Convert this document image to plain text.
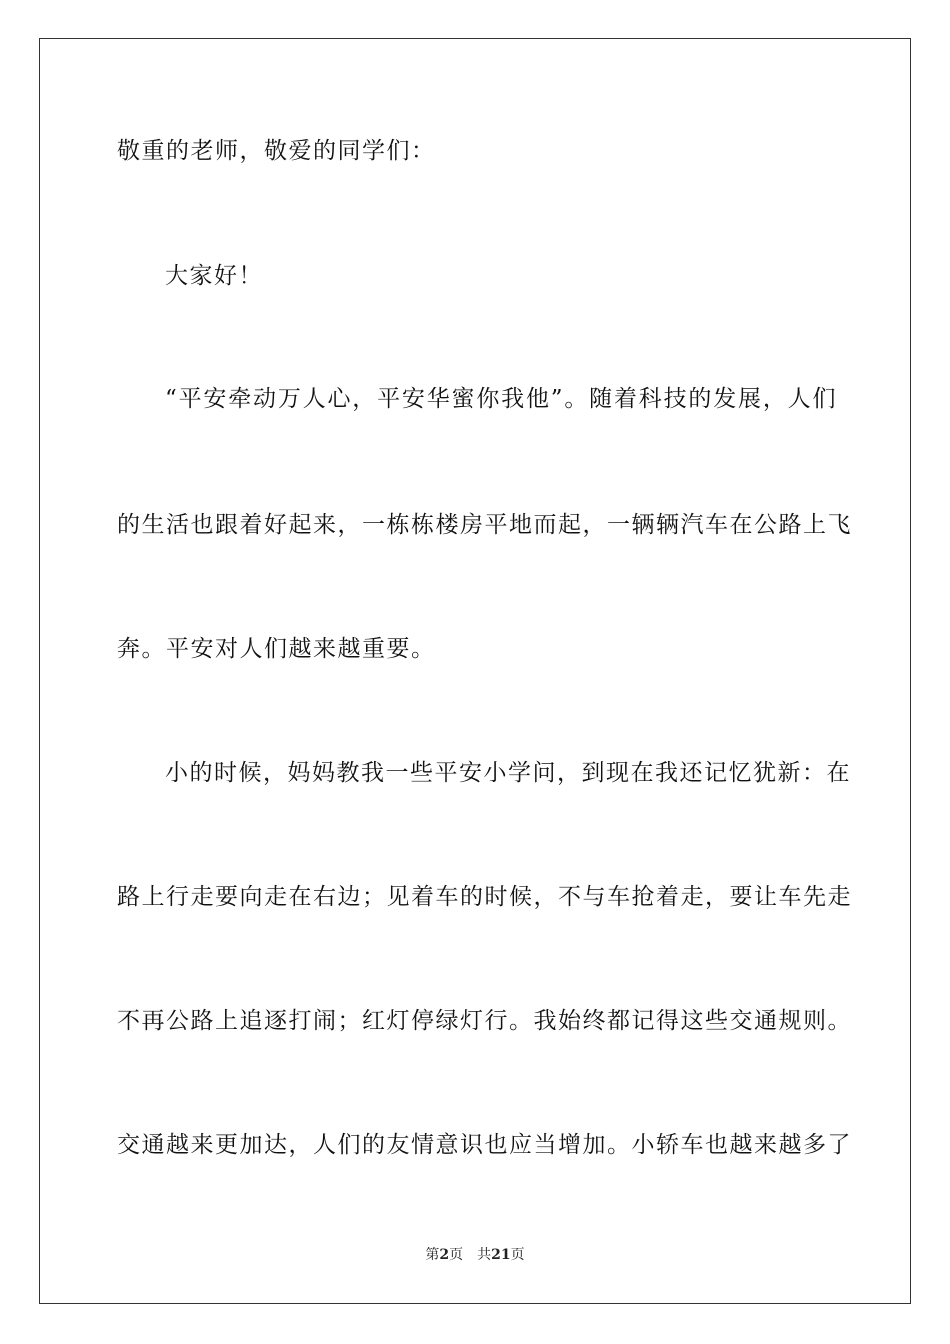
敬重的老师，敬爱的同学们：
大家好！
“平安牵动万人心，平安华蜜你我他”。随着科技的发展，人们
的生活也跟着好起来，一栋栋楼房平地而起，一辆辆汽车在公路上飞
奔。平安对人们越来越重要。
小的时候，妈妈教我一些平安小学问，到现在我还记忆犹新：在
路上行走要向走在右边；见着车的时候，不与车抢着走，要让车先走
不再公路上追逐打闹；红灯停绿灯行。我始终都记得这些交通规则。
交通越来更加达，人们的友情意识也应当增加。小轿车也越来越多了
第2页 共21页
